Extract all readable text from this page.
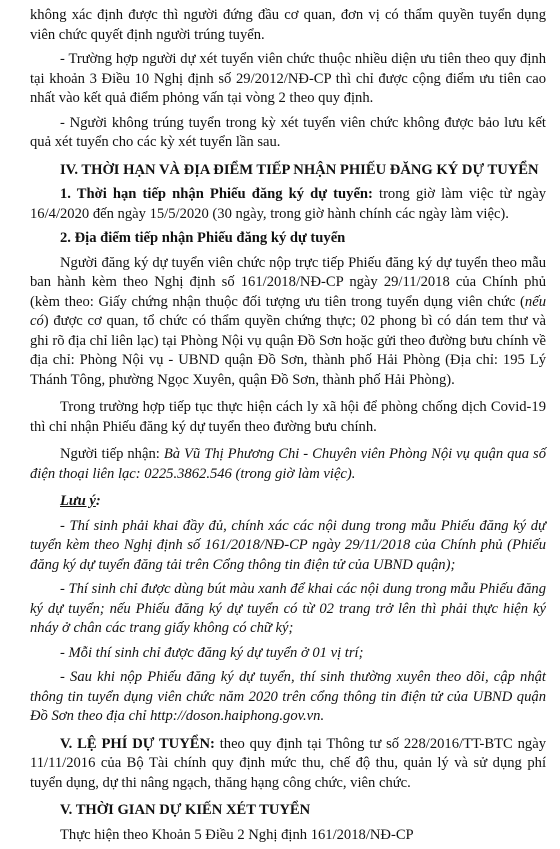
không xác định được thì người đứng đầu cơ quan, đơn vị có thẩm quyền tuyển dụng viên chức quyết định người trúng tuyển.

- Trường hợp người dự xét tuyển viên chức thuộc nhiều diện ưu tiên theo quy định tại khoản 3 Điều 10 Nghị định số 29/2012/NĐ-CP thì chỉ được cộng điểm ưu tiên cao nhất vào kết quả điểm phỏng vấn tại vòng 2 theo quy định.

- Người không trúng tuyển trong kỳ xét tuyển viên chức không được bảo lưu kết quả xét tuyển cho các kỳ xét tuyển lần sau.

IV. THỜI HẠN VÀ ĐỊA ĐIỂM TIẾP NHẬN PHIẾU ĐĂNG KÝ DỰ TUYỂN

1. Thời hạn tiếp nhận Phiếu đăng ký dự tuyển: trong giờ làm việc từ ngày 16/4/2020 đến ngày 15/5/2020 (30 ngày, trong giờ hành chính các ngày làm việc).

2. Địa điểm tiếp nhận Phiếu đăng ký dự tuyển

Người đăng ký dự tuyển viên chức nộp trực tiếp Phiếu đăng ký dự tuyển theo mẫu ban hành kèm theo Nghị định số 161/2018/NĐ-CP ngày 29/11/2018 của Chính phủ (kèm theo: Giấy chứng nhận thuộc đối tượng ưu tiên trong tuyển dụng viên chức (nếu có) được cơ quan, tổ chức có thẩm quyền chứng thực; 02 phong bì có dán tem thư và ghi rõ địa chỉ liên lạc) tại Phòng Nội vụ quận Đồ Sơn hoặc gửi theo đường bưu chính về địa chỉ: Phòng Nội vụ - UBND quận Đồ Sơn, thành phố Hải Phòng (Địa chỉ: 195 Lý Thánh Tông, phường Ngọc Xuyên, quận Đồ Sơn, thành phố Hải Phòng).

Trong trường hợp tiếp tục thực hiện cách ly xã hội để phòng chống dịch Covid-19 thì chỉ nhận Phiếu đăng ký dự tuyển theo đường bưu chính.

Người tiếp nhận: Bà Vũ Thị Phương Chi - Chuyên viên Phòng Nội vụ quận qua số điện thoại liên lạc: 0225.3862.546 (trong giờ làm việc).

Lưu ý:

- Thí sinh phải khai đầy đủ, chính xác các nội dung trong mẫu Phiếu đăng ký dự tuyển kèm theo Nghị định số 161/2018/NĐ-CP ngày 29/11/2018 của Chính phủ (Phiếu đăng ký dự tuyển đăng tải trên Cổng thông tin điện tử của UBND quận);

- Thí sinh chỉ được dùng bút màu xanh để khai các nội dung trong mẫu Phiếu đăng ký dự tuyển; nếu Phiếu đăng ký dự tuyển có từ 02 trang trở lên thì phải thực hiện ký nháy ở chân các trang giấy không có chữ ký;

- Mỗi thí sinh chỉ được đăng ký dự tuyển ở 01 vị trí;

- Sau khi nộp Phiếu đăng ký dự tuyển, thí sinh thường xuyên theo dõi, cập nhật thông tin tuyển dụng viên chức năm 2020 trên cổng thông tin điện tử của UBND quận Đồ Sơn theo địa chỉ http://doson.haiphong.gov.vn.

V. LỆ PHÍ DỰ TUYỂN: theo quy định tại Thông tư số 228/2016/TT-BTC ngày 11/11/2016 của Bộ Tài chính quy định mức thu, chế độ thu, quản lý và sử dụng phí tuyển dụng, dự thi nâng ngạch, thăng hạng công chức, viên chức.

V. THỜI GIAN DỰ KIẾN XÉT TUYỂN

Thực hiện theo Khoản 5 Điều 2 Nghị định 161/2018/NĐ-CP
